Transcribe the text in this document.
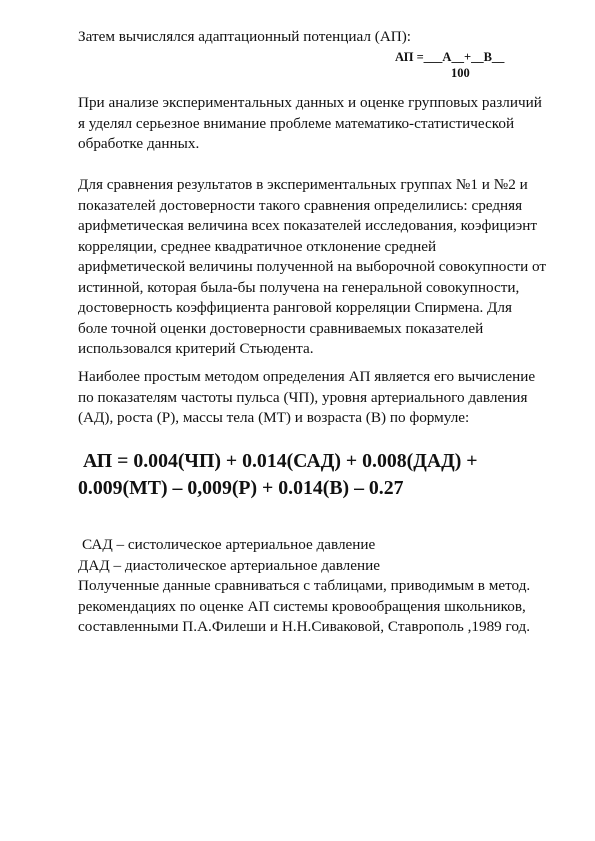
Затем вычислялся адаптационный потенциал (АП):
АП =___А__+__В__
100
При анализе экспериментальных данных и оценке групповых различий
я уделял серьезное внимание проблеме математико-статистической
обработке данных.
Для сравнения результатов в экспериментальных группах №1 и №2 и
показателей достоверности такого сравнения определились: средняя
арифметическая величина всех показателей исследования, коэфициэнт
корреляции, среднее квадратичное отклонение средней
арифметической величины полученной на выборочной совокупности от
истинной, которая была-бы получена на генеральной совокупности,
достоверность коэффициента ранговой корреляции Спирмена. Для
боле точной оценки достоверности сравниваемых показателей
использовался критерий Стьюдента.
Наиболее простым методом определения АП является его вычисление
по показателям частоты пульса (ЧП), уровня артериального давления
(АД), роста (Р), массы тела (МТ) и возраста (В) по формуле:
АП = 0.004(ЧП) + 0.014(САД) + 0.008(ДАД) +
0.009(МТ) – 0,009(Р) + 0.014(В) – 0.27
САД – систолическое артериальное давление
ДАД – диастолическое артериальное давление
Полученные данные сравниваться с таблицами, приводимым в метод.
рекомендациях по оценке АП системы кровообращения школьников,
составленными П.А.Филеши и Н.Н.Сиваковой, Ставрополь ,1989 год.
